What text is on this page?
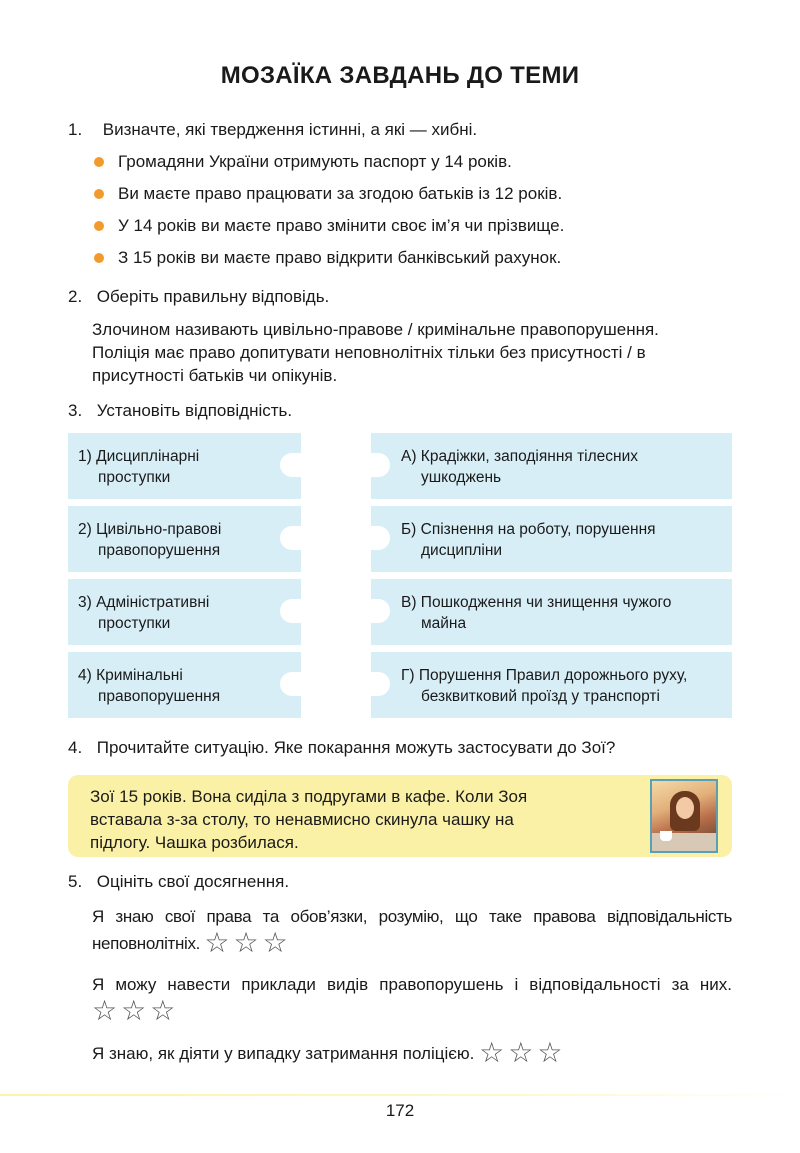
МОЗАЇКА ЗАВДАНЬ ДО ТЕМИ
1. Визначте, які твердження істинні, а які — хибні.
Громадяни України отримують паспорт у 14 років.
Ви маєте право працювати за згодою батьків із 12 років.
У 14 років ви маєте право змінити своє ім’я чи прізвище.
З 15 років ви маєте право відкрити банківський рахунок.
2. Оберіть правильну відповідь.
Злочином називають цивільно-правове / кримінальне правопорушення.
Поліція має право допитувати неповнолітніх тільки без присутності / в
присутності батьків чи опікунів.
3. Установіть відповідність.
1) Дисциплінарні
проступки
2) Цивільно-правові
правопорушення
3) Адміністративні
проступки
4) Кримінальні
правопорушення
А) Крадіжки, заподіяння тілесних
ушкоджень
Б) Спізнення на роботу, порушення
дисципліни
В) Пошкодження чи знищення чужого
майна
Г) Порушення Правил дорожнього руху,
безквитковий проїзд у транспорті
4. Прочитайте ситуацію. Яке покарання можуть застосувати до Зої?
Зої 15 років. Вона сиділа з подругами в кафе. Коли Зоя
вставала з-за столу, то ненавмисно скинула чашку на
підлогу. Чашка розбилася.
5. Оцініть свої досягнення.
Я знаю свої права та обов’язки, розумію, що таке правова відповідальність неповнолітніх. ☆☆☆
Я можу навести приклади видів правопорушень і відповідальності за них. ☆☆☆
Я знаю, як діяти у випадку затримання поліцією. ☆☆☆
172
